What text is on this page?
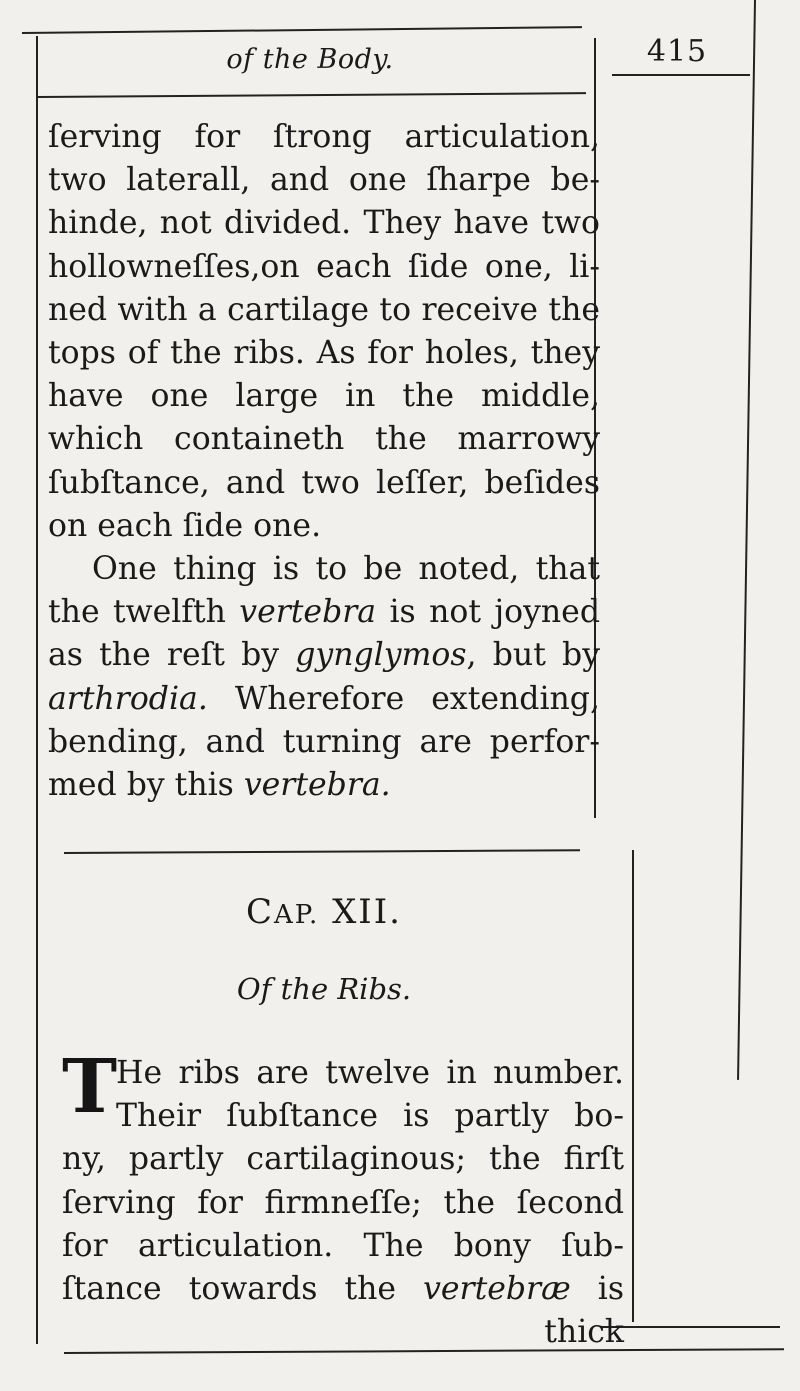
of the Body.	415
ſerving for ſtrong articulation,
two laterall, and one ſharpe be-
hinde, not divided. They have two
hollowneſſes,on each ſide one, li-
ned with a cartilage to receive the
tops of the ribs. As for holes, they
have one large in the middle,
which containeth the marrowy
ſubſtance, and two leſſer, beſides
on each ſide one.
One thing is to be noted, that
the twelfth vertebra is not joyned
as the reſt by gynglymos, but by
arthrodia. Wherefore extending,
bending, and turning are perfor-
med by this vertebra.
CAP. XII.
Of the Ribs.
T
He ribs are twelve in number.
Their ſubſtance is partly bo-
ny, partly cartilaginous; the firſt
ſerving for firmneſſe; the ſecond
for articulation. The bony ſub-
ſtance towards the vertebræ is
thick
